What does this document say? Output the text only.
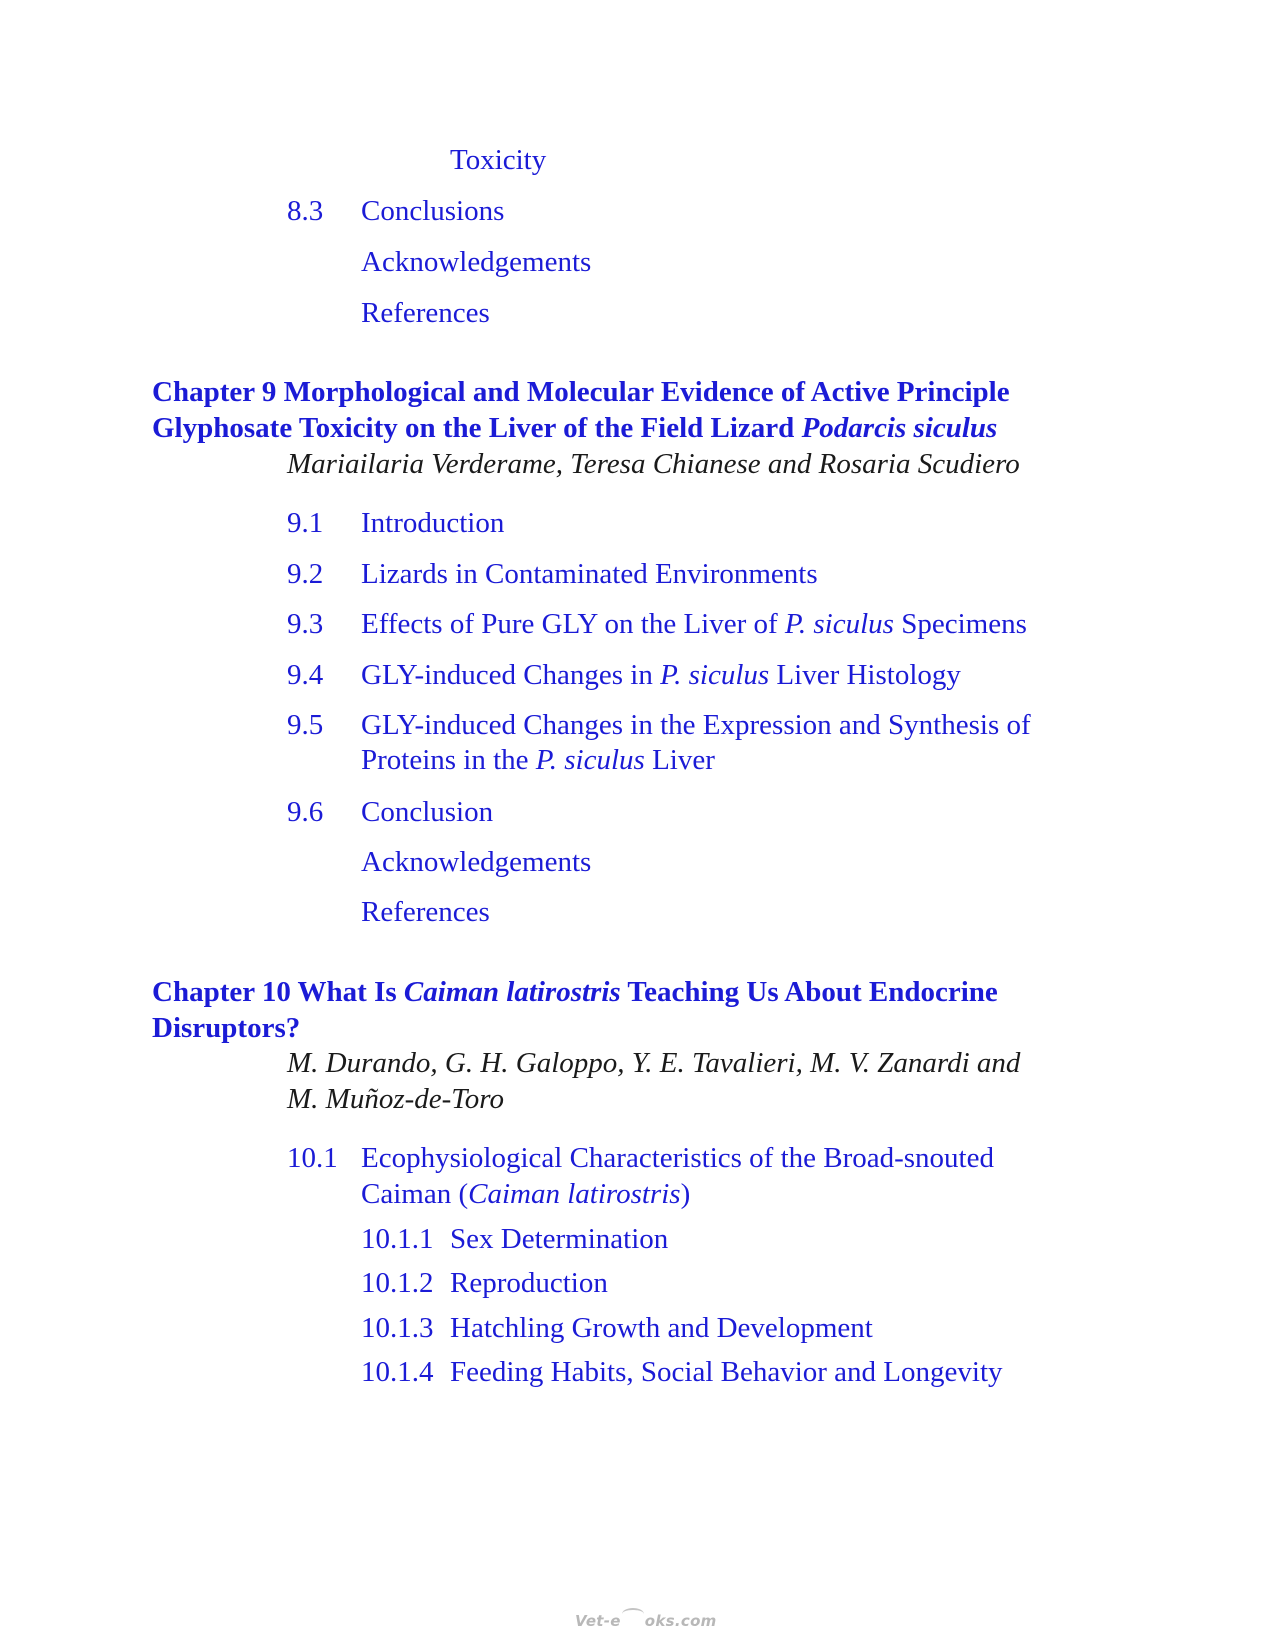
Toxicity
8.3 Conclusions
Acknowledgements
References
Chapter 9 Morphological and Molecular Evidence of Active Principle
Glyphosate Toxicity on the Liver of the Field Lizard Podarcis siculus
Mariailaria Verderame, Teresa Chianese and Rosaria Scudiero
9.1 Introduction
9.2 Lizards in Contaminated Environments
9.3 Effects of Pure GLY on the Liver of P. siculus Specimens
9.4 GLY-induced Changes in P. siculus Liver Histology
9.5 GLY-induced Changes in the Expression and Synthesis of
Proteins in the P. siculus Liver
9.6 Conclusion
Acknowledgements
References
Chapter 10 What Is Caiman latirostris Teaching Us About Endocrine
Disruptors?
M. Durando, G. H. Galoppo, Y. E. Tavalieri, M. V. Zanardi and
M. Muñoz-de-Toro
10.1 Ecophysiological Characteristics of the Broad-snouted
Caiman (Caiman latirostris)
10.1.1 Sex Determination
10.1.2 Reproduction
10.1.3 Hatchling Growth and Development
10.1.4 Feeding Habits, Social Behavior and Longevity
Vet-e oks.com
